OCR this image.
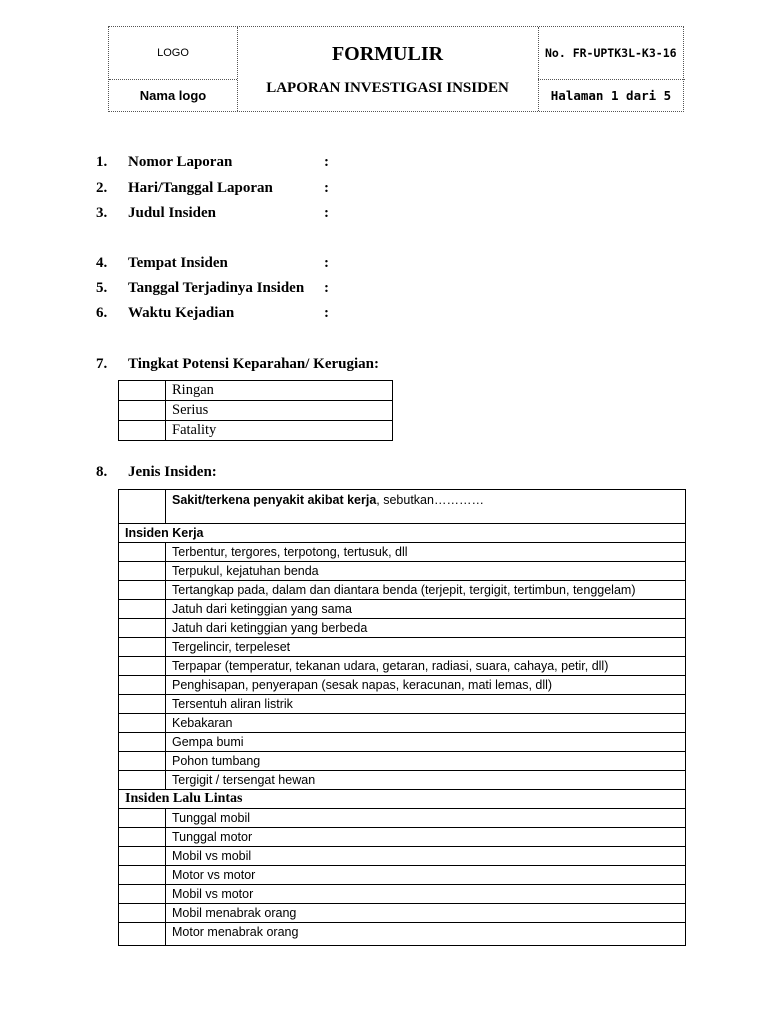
LOGO
Nama logo
FORMULIR
LAPORAN INVESTIGASI INSIDEN
No. FR-UPTK3L-K3-16
Halaman 1 dari 5
1. Nomor Laporan	:
2. Hari/Tanggal Laporan	:
3. Judul Insiden	:
4. Tempat Insiden	:
5. Tanggal Terjadinya Insiden :
6. Waktu Kejadian	:
7. Tingkat Potensi Keparahan/ Kerugian:
	Ringan
	Serius
	Fatality
8. Jenis Insiden:
	Sakit/terkena penyakit akibat kerja, sebutkan…………
Insiden Kerja	
	Terbentur, tergores, terpotong, tertusuk, dll
	Terpukul, kejatuhan benda
	Tertangkap pada, dalam dan diantara benda (terjepit, tergigit, tertimbun, tenggelam)
	Jatuh dari ketinggian yang sama
	Jatuh dari ketinggian yang berbeda
	Tergelincir, terpeleset
	Terpapar (temperatur, tekanan udara, getaran, radiasi, suara, cahaya, petir, dll)
	Penghisapan, penyerapan (sesak napas, keracunan, mati lemas, dll)
	Tersentuh aliran listrik
	Kebakaran
	Gempa bumi
	Pohon tumbang
	Tergigit / tersengat hewan
Insiden Lalu Lintas	
	Tunggal mobil
	Tunggal motor
	Mobil vs mobil
	Motor vs motor
	Mobil vs motor
	Mobil menabrak orang
	Motor menabrak orang
